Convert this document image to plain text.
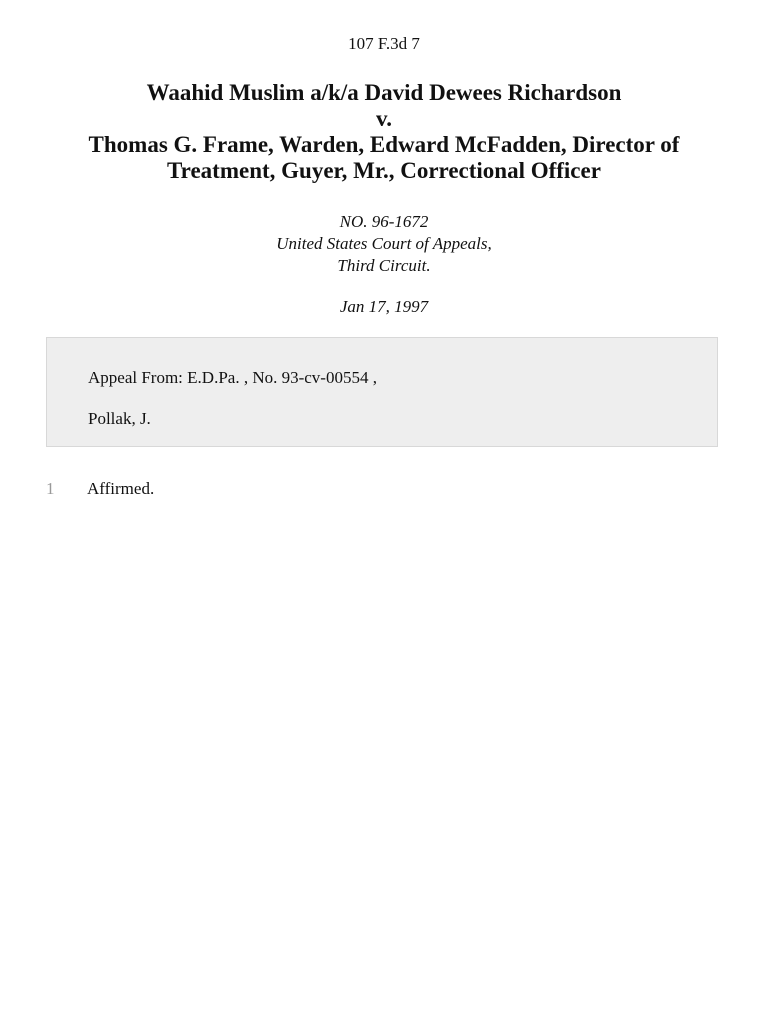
107 F.3d 7
Waahid Muslim a/k/a David Dewees Richardson
v.
Thomas G. Frame, Warden, Edward McFadden, Director of
Treatment, Guyer, Mr., Correctional Officer
NO. 96-1672
United States Court of Appeals,
Third Circuit.
Jan 17, 1997
Appeal From: E.D.Pa. , No. 93-cv-00554 ,
Pollak, J.
1 Affirmed.
